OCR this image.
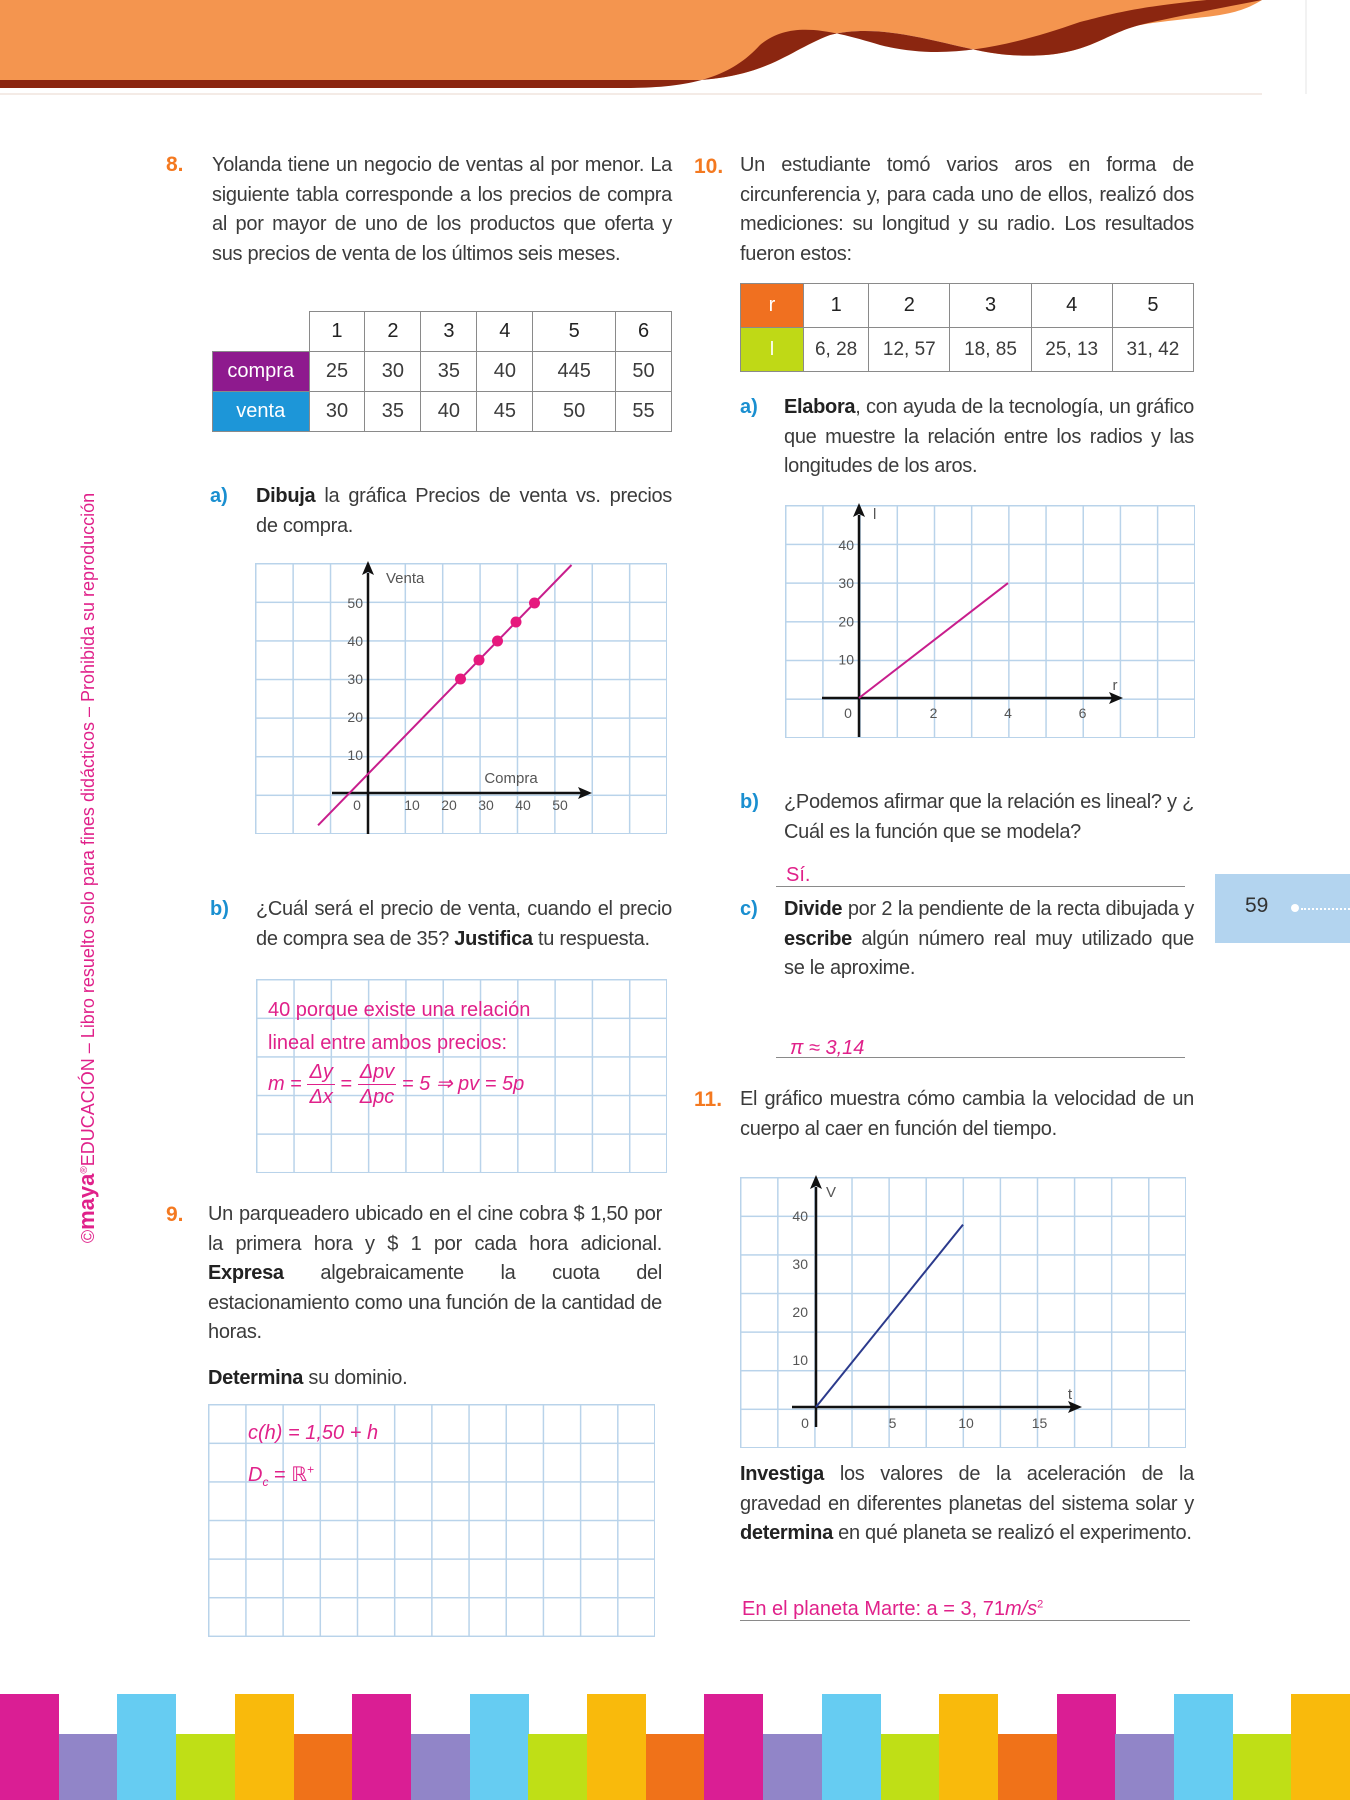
©maya®EDUCACIÓN – Libro resuelto solo para fines didácticos – Prohibida su reproducción	59
8. Yolanda tiene un negocio de ventas al por menor. La siguiente tabla corresponde a los precios de compra al por mayor de uno de los productos que oferta y sus precios de venta de los últimos seis meses.
	1	2	3	4	5	6
compra	25	30	35	40	445	50
venta	30	35	40	45	50	55
a) Dibuja la gráfica Precios de venta vs. precios de compra.
0	10 20 30 40 50
10
20
30
40
50
Compra
Venta
b) ¿Cuál será el precio de venta, cuando el precio de compra sea de 35? Justifica tu respuesta.
40 porque existe una relación
lineal entre ambos precios:
$m = \frac{\Delta y}{\Delta x} = \frac{\text{Δpv}}{\text{Δpc}} = 5$ ⇒ pv = 5p
9. Un parqueadero ubicado en el cine cobra $ 1,50 por la primera hora y $ 1 por cada hora adicional. Expresa algebraicamente la cuota del estacionamiento como una función de la cantidad de horas.
Determina su dominio.
c(h) = 1,50 + h
$D_c$ = ℝ+
10. Un estudiante tomó varios aros en forma de circunferencia y, para cada uno de ellos, realizó dos mediciones: su longitud y su radio. Los resultados fueron estos:
r	1	2	3	4	5
l	6, 28	12, 57	18, 85	25, 13	31, 42
a) Elabora, con ayuda de la tecnología, un gráfico que muestre la relación entre los radios y las longitudes de los aros.
0	2	4	6
10
20
30
40
r
l
b) ¿Podemos afirmar que la relación es lineal? y ¿ Cuál es la función que se modela?
Sí.
c) Divide por 2 la pendiente de la recta dibujada y escribe algún número real muy utilizado que se le aproxime.
π ≈ 3,14
11. El gráfico muestra cómo cambia la velocidad de un cuerpo al caer en función del tiempo.
0	5	10	15
10
20
30
40
t
V
Investiga los valores de la aceleración de la gravedad en diferentes planetas del sistema solar y determina en qué planeta se realizó el experimento.
En el planeta Marte: a = 3, $71m/s^2$
